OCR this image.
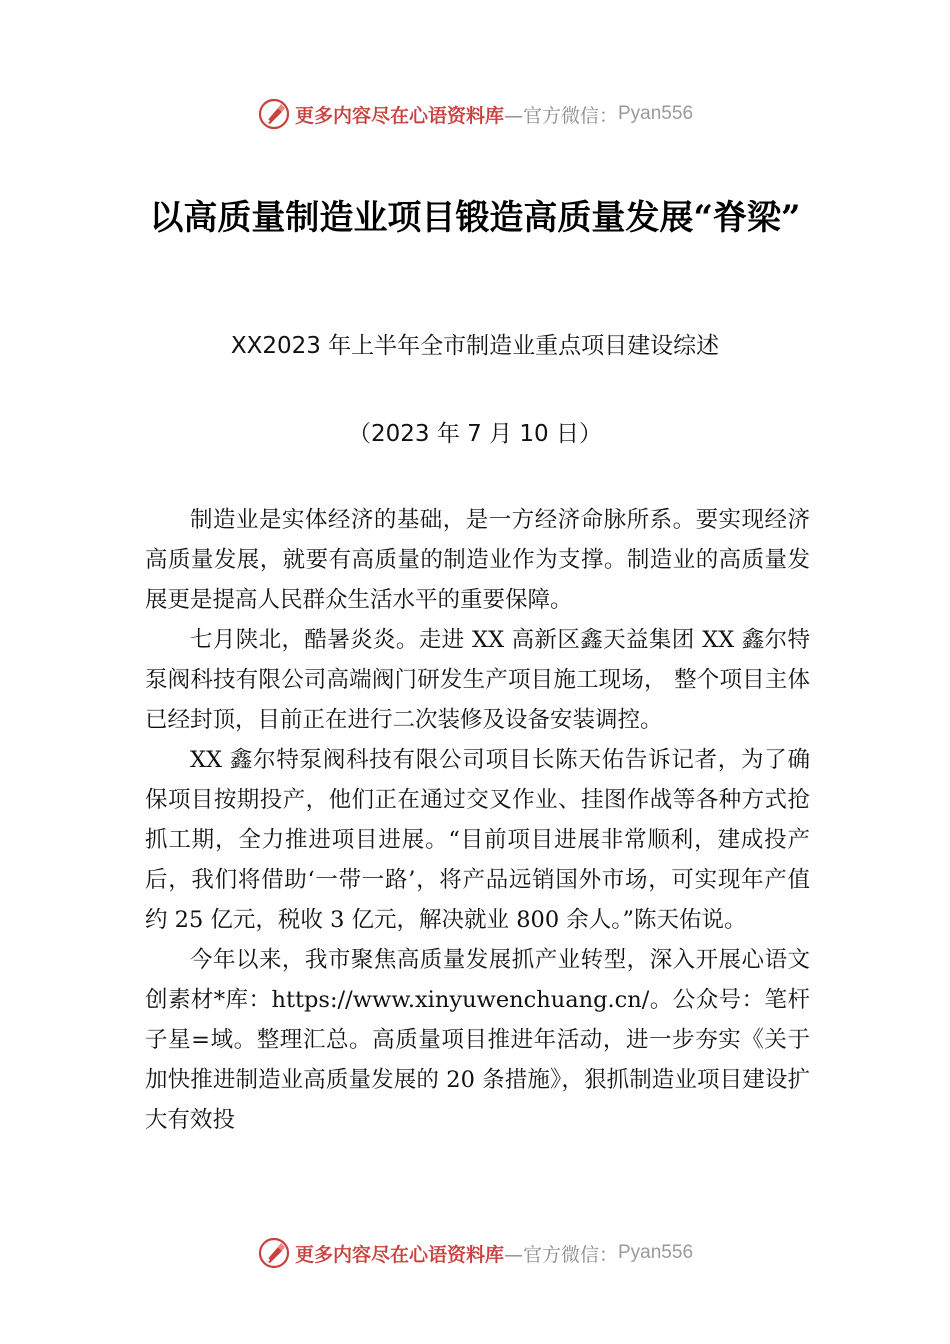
更多内容尽在心语资料库 —官方微信： Pyan556
以高质量制造业项目锻造高质量发展“脊梁”
XX2023 年上半年全市制造业重点项目建设综述
（2023 年 7 月 10 日）

制造业是实体经济的基础，是一方经济命脉所系。要实现经济高质量发展，就要有高质量的制造业作为支撑。制造业的高质量发展更是提高人民群众生活水平的重要保障。

七月陕北，酷暑炎炎。走进 XX 高新区鑫天益集团 XX 鑫尔特泵阀科技有限公司高端阀门研发生产项目施工现场， 整个项目主体已经封顶，目前正在进行二次装修及设备安装调控。

XX 鑫尔特泵阀科技有限公司项目长陈天佑告诉记者，为了确保项目按期投产，他们正在通过交叉作业、挂图作战等各种方式抢抓工期，全力推进项目进展。“目前项目进展非常顺利，建成投产后，我们将借助‘一带一路’，将产品远销国外市场，可实现年产值约 25 亿元，税收 3 亿元，解决就业 800 余人。”陈天佑说。

今年以来，我市聚焦高质量发展抓产业转型，深入开展心语文创素材*库：https://www.xinyuwenchuang.cn/。公众号：笔杆子星=域。整理汇总。高质量项目推进年活动，进一步夯实《关于加快推进制造业高质量发展的 20 条措施》，狠抓制造业项目建设扩大有效投

更多内容尽在心语资料库 —官方微信： Pyan556
